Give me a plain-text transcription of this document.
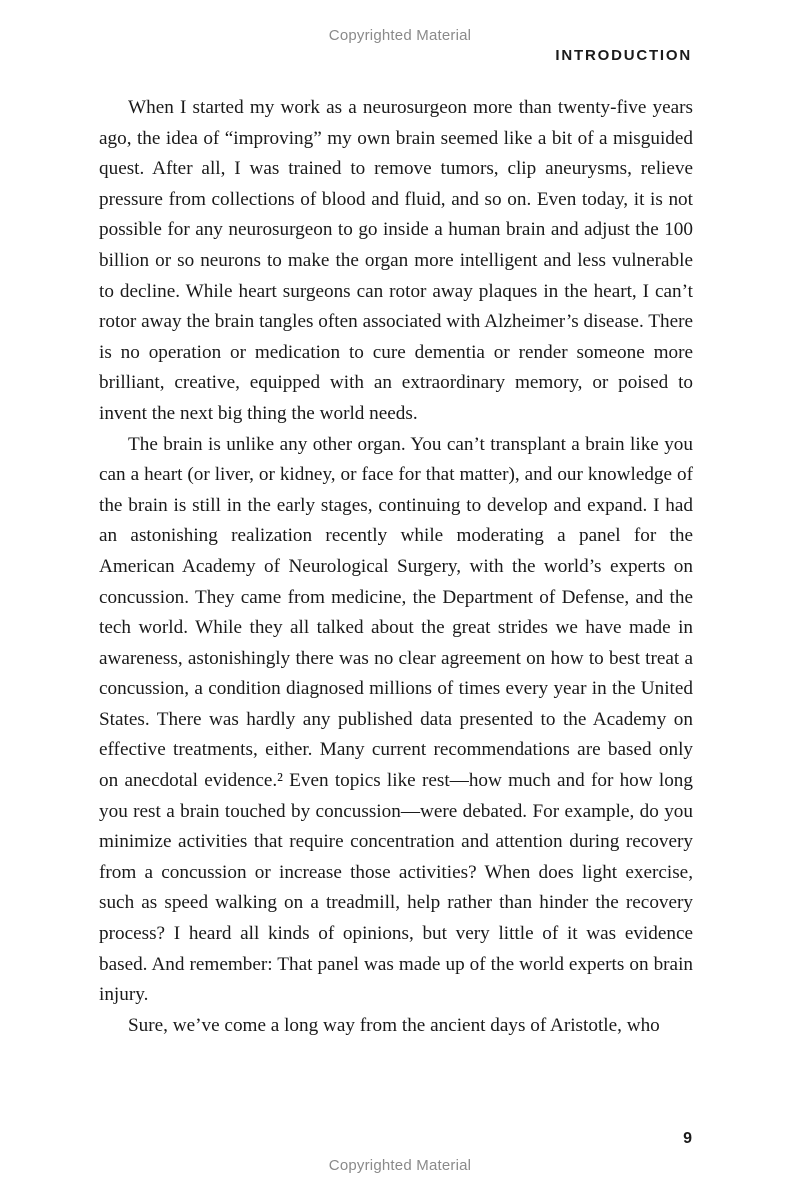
Copyrighted Material
INTRODUCTION

When I started my work as a neurosurgeon more than twenty-five years ago, the idea of “improving” my own brain seemed like a bit of a misguided quest. After all, I was trained to remove tumors, clip aneurysms, relieve pressure from collections of blood and fluid, and so on. Even today, it is not possible for any neurosurgeon to go inside a human brain and adjust the 100 billion or so neurons to make the organ more intelligent and less vulnerable to decline. While heart surgeons can rotor away plaques in the heart, I can’t rotor away the brain tangles often associated with Alzheimer’s disease. There is no operation or medication to cure dementia or render someone more brilliant, creative, equipped with an extraordinary memory, or poised to invent the next big thing the world needs.

The brain is unlike any other organ. You can’t transplant a brain like you can a heart (or liver, or kidney, or face for that matter), and our knowledge of the brain is still in the early stages, continuing to develop and expand. I had an astonishing realization recently while moderating a panel for the American Academy of Neurological Surgery, with the world’s experts on concussion. They came from medicine, the Department of Defense, and the tech world. While they all talked about the great strides we have made in awareness, astonishingly there was no clear agreement on how to best treat a concussion, a condition diagnosed millions of times every year in the United States. There was hardly any published data presented to the Academy on effective treatments, either. Many current recommendations are based only on anecdotal evidence.² Even topics like rest—how much and for how long you rest a brain touched by concussion—were debated. For example, do you minimize activities that require concentration and attention during recovery from a concussion or increase those activities? When does light exercise, such as speed walking on a treadmill, help rather than hinder the recovery process? I heard all kinds of opinions, but very little of it was evidence based. And remember: That panel was made up of the world experts on brain injury.

Sure, we’ve come a long way from the ancient days of Aristotle, who

9
Copyrighted Material
